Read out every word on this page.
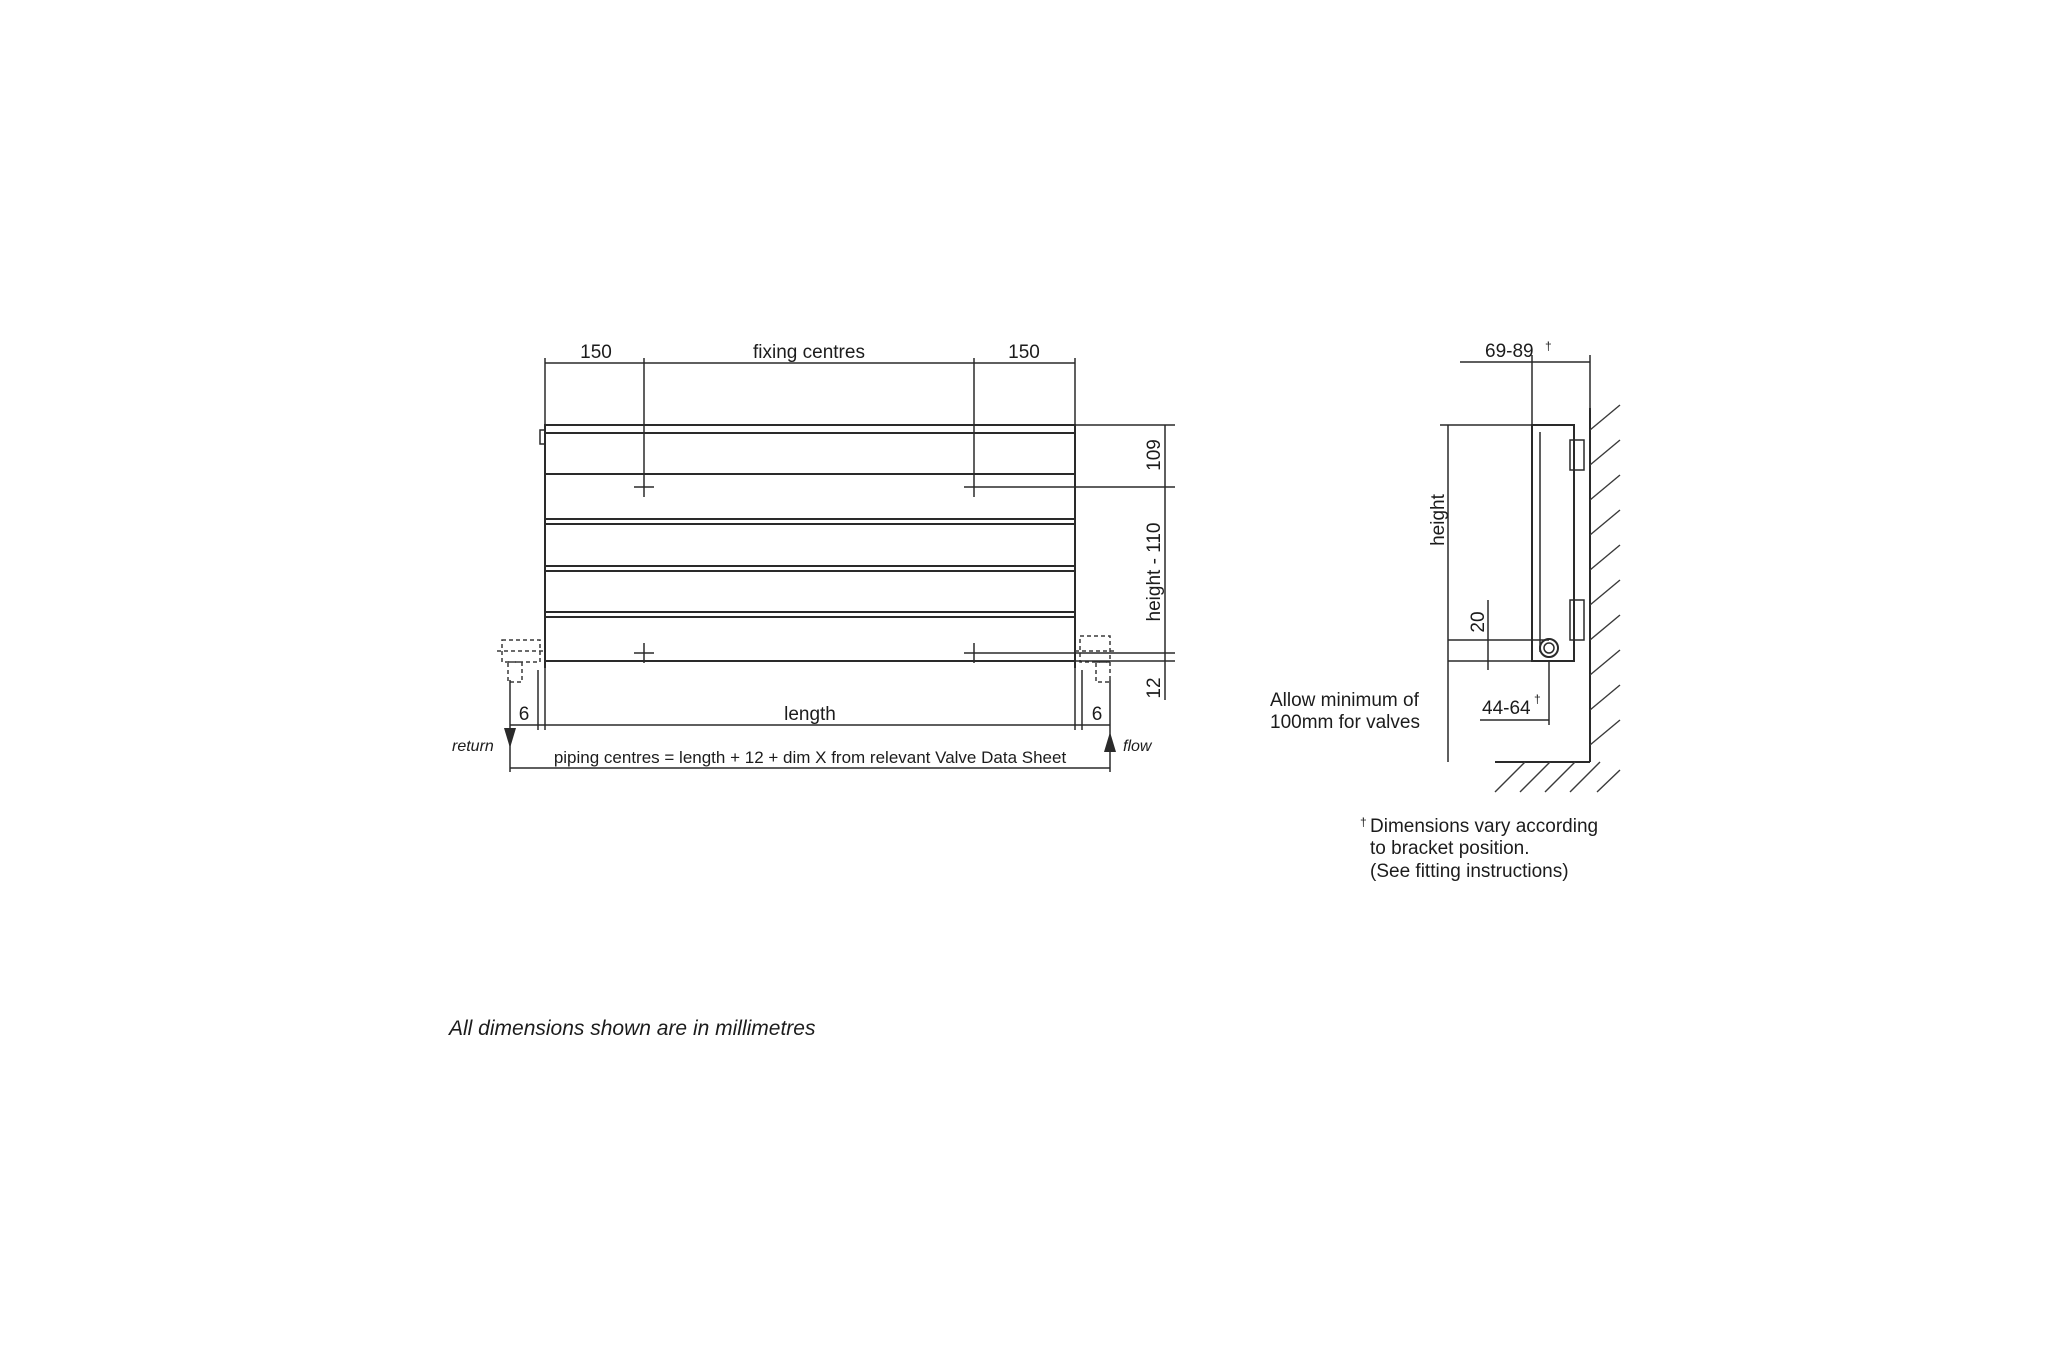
150	fixing centres	150
109
height - 110
12
6	length	6
return	flow
piping centres = length + 12 + dim X from relevant Valve Data Sheet
69-89 †
height
20
Allow minimum of
100mm for valves
44-64 †
† Dimensions vary according
to bracket position.
(See fitting instructions)
All dimensions shown are in millimetres
